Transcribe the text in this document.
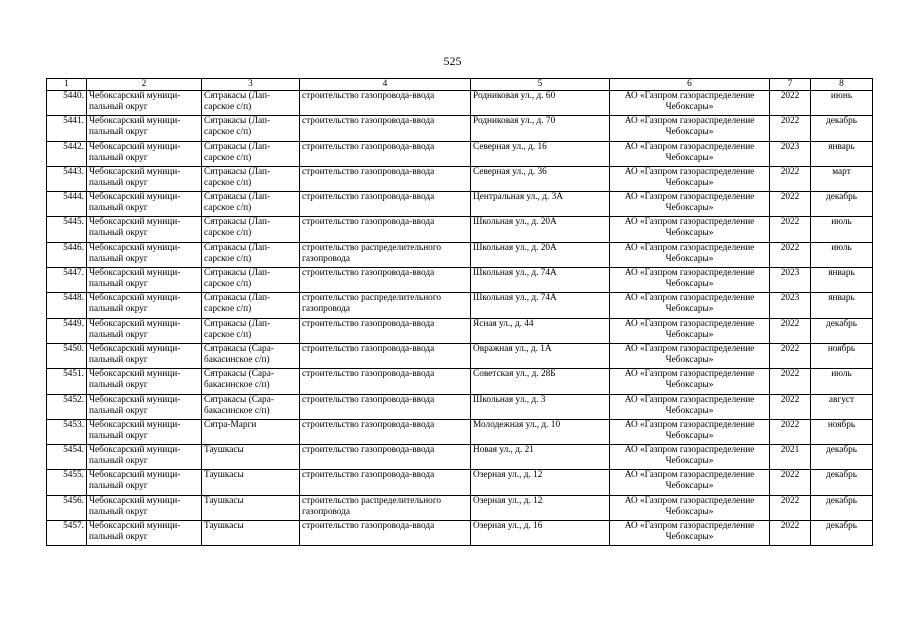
525
1	2	3	4	5	6	7	8
5440.	Чебоксарский муници-
пальный округ	Сятракасы (Лап-
сарское с/п)	строительство газопровода-ввода	Родниковая ул., д. 60	АО «Газпром газораспределение
Чебоксары»	2022	июнь
5441.	Чебоксарский муници-
пальный округ	Сятракасы (Лап-
сарское с/п)	строительство газопровода-ввода	Родниковая ул., д. 70	АО «Газпром газораспределение
Чебоксары»	2022	декабрь
5442.	Чебоксарский муници-
пальный округ	Сятракасы (Лап-
сарское с/п)	строительство газопровода-ввода	Северная ул., д. 16	АО «Газпром газораспределение
Чебоксары»	2023	январь
5443.	Чебоксарский муници-
пальный округ	Сятракасы (Лап-
сарское с/п)	строительство газопровода-ввода	Северная ул., д. 36	АО «Газпром газораспределение
Чебоксары»	2022	март
5444.	Чебоксарский муници-
пальный округ	Сятракасы (Лап-
сарское с/п)	строительство газопровода-ввода	Центральная ул., д. 3А	АО «Газпром газораспределение
Чебоксары»	2022	декабрь
5445.	Чебоксарский муници-
пальный округ	Сятракасы (Лап-
сарское с/п)	строительство газопровода-ввода	Школьная ул., д. 20А	АО «Газпром газораспределение
Чебоксары»	2022	июль
5446.	Чебоксарский муници-
пальный округ	Сятракасы (Лап-
сарское с/п)	строительство распределительного
газопровода	Школьная ул., д. 20А	АО «Газпром газораспределение
Чебоксары»	2022	июль
5447.	Чебоксарский муници-
пальный округ	Сятракасы (Лап-
сарское с/п)	строительство газопровода-ввода	Школьная ул., д. 74А	АО «Газпром газораспределение
Чебоксары»	2023	январь
5448.	Чебоксарский муници-
пальный округ	Сятракасы (Лап-
сарское с/п)	строительство распределительного
газопровода	Школьная ул., д. 74А	АО «Газпром газораспределение
Чебоксары»	2023	январь
5449.	Чебоксарский муници-
пальный округ	Сятракасы (Лап-
сарское с/п)	строительство газопровода-ввода	Ясная ул., д. 44	АО «Газпром газораспределение
Чебоксары»	2022	декабрь
5450.	Чебоксарский муници-
пальный округ	Сятракасы (Сара-
бакасинское с/п)	строительство газопровода-ввода	Овражная ул., д. 1А	АО «Газпром газораспределение
Чебоксары»	2022	ноябрь
5451.	Чебоксарский муници-
пальный округ	Сятракасы (Сара-
бакасинское с/п)	строительство газопровода-ввода	Советская ул., д. 28Б	АО «Газпром газораспределение
Чебоксары»	2022	июль
5452.	Чебоксарский муници-
пальный округ	Сятракасы (Сара-
бакасинское с/п)	строительство газопровода-ввода	Школьная ул., д. 3	АО «Газпром газораспределение
Чебоксары»	2022	август
5453.	Чебоксарский муници-
пальный округ	Сятра-Марги	строительство газопровода-ввода	Молодежная ул., д. 10	АО «Газпром газораспределение
Чебоксары»	2022	ноябрь
5454.	Чебоксарский муници-
пальный округ	Таушкасы	строительство газопровода-ввода	Новая ул., д. 21	АО «Газпром газораспределение
Чебоксары»	2021	декабрь
5455.	Чебоксарский муници-
пальный округ	Таушкасы	строительство газопровода-ввода	Озерная ул., д. 12	АО «Газпром газораспределение
Чебоксары»	2022	декабрь
5456.	Чебоксарский муници-
пальный округ	Таушкасы	строительство распределительного
газопровода	Озерная ул., д. 12	АО «Газпром газораспределение
Чебоксары»	2022	декабрь
5457.	Чебоксарский муници-
пальный округ	Таушкасы	строительство газопровода-ввода	Озерная ул., д. 16	АО «Газпром газораспределение
Чебоксары»	2022	декабрь
